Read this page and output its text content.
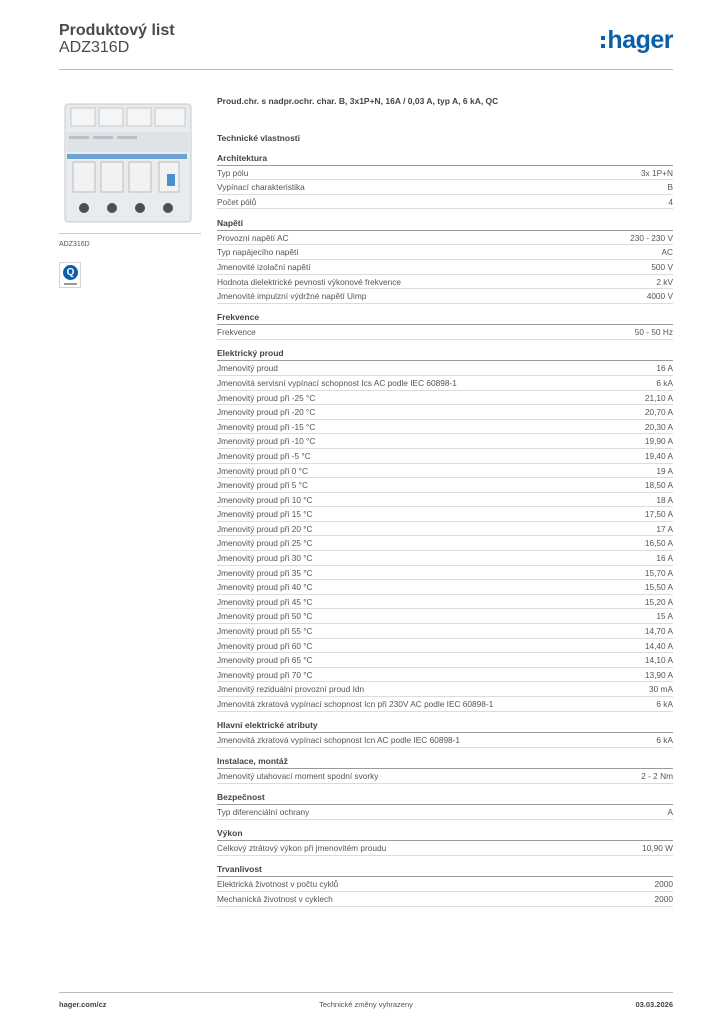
Produktový list
ADZ316D	hager
ADZ316D
Q
Proud.chr. s nadpr.ochr. char. B, 3x1P+N, 16A / 0,03 A, typ A, 6 kA, QC
Technické vlastnosti
Architektura
Typ pólu	3x 1P+N
Vypínací charakteristika	B
Počet pólů	4
Napětí
Provozní napětí AC	230 - 230 V
Typ napájecího napětí	AC
Jmenovité izolační napětí	500 V
Hodnota dielektrické pevnosti výkonové frekvence	2 kV
Jmenovité impulzní výdržné napětí Uimp	4000 V
Frekvence
Frekvence	50 - 50 Hz
Elektrický proud
Jmenovitý proud	16 A
Jmenovitá servisní vypínací schopnost Ics AC podle IEC 60898-1	6 kA
Jmenovitý proud při -25 °C	21,10 A
Jmenovitý proud při -20 °C	20,70 A
Jmenovitý proud při -15 °C	20,30 A
Jmenovitý proud při -10 °C	19,90 A
Jmenovitý proud při -5 °C	19,40 A
Jmenovitý proud při 0 °C	19 A
Jmenovitý proud při 5 °C	18,50 A
Jmenovitý proud při 10 °C	18 A
Jmenovitý proud při 15 °C	17,50 A
Jmenovitý proud při 20 °C	17 A
Jmenovitý proud při 25 °C	16,50 A
Jmenovitý proud při 30 °C	16 A
Jmenovitý proud při 35 °C	15,70 A
Jmenovitý proud při 40 °C	15,50 A
Jmenovitý proud při 45 °C	15,20 A
Jmenovitý proud při 50 °C	15 A
Jmenovitý proud při 55 °C	14,70 A
Jmenovitý proud při 60 °C	14,40 A
Jmenovitý proud při 65 °C	14,10 A
Jmenovitý proud při 70 °C	13,90 A
Jmenovitý reziduální provozní proud Idn	30 mA
Jmenovitá zkratová vypínací schopnost Icn při 230V AC podle IEC 60898-1	6 kA
Hlavní elektrické atributy
Jmenovitá zkratová vypínací schopnost Icn AC podle IEC 60898-1	6 kA
Instalace, montáž
Jmenovitý utahovací moment spodní svorky	2 - 2 Nm
Bezpečnost
Typ diferenciální ochrany	A
Výkon
Celkový ztrátový výkon při jmenovitém proudu	10,90 W
Trvanlivost
Elektrická životnost v počtu cyklů	2000
Mechanická životnost v cyklech	2000
hager.com/cz	Technické změny vyhrazeny	03.03.2026
